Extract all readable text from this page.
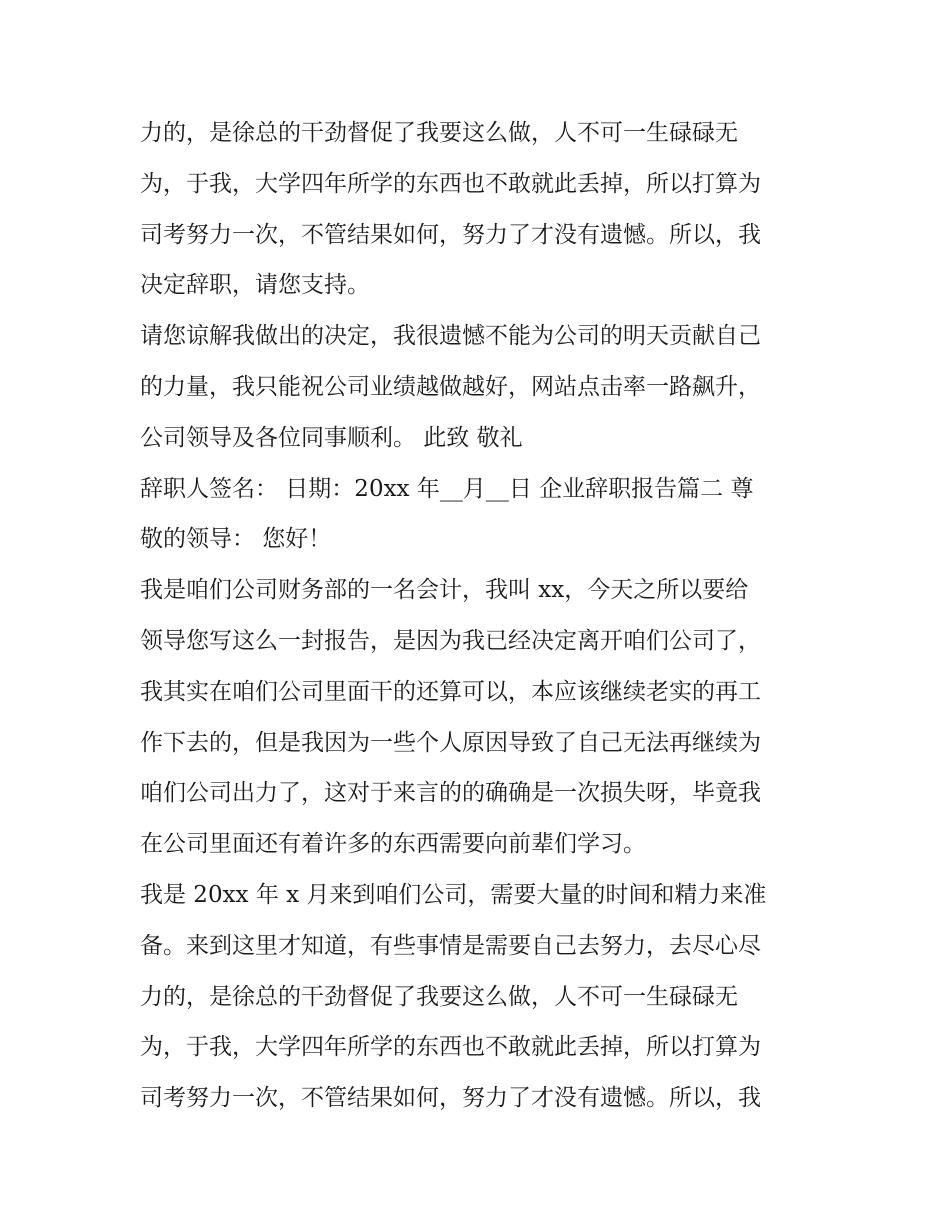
力的，是徐总的干劲督促了我要这么做，人不可一生碌碌无
为，于我，大学四年所学的东西也不敢就此丢掉，所以打算为
司考努力一次，不管结果如何，努力了才没有遗憾。所以，我
决定辞职，请您支持。
请您谅解我做出的决定，我很遗憾不能为公司的明天贡献自己
的力量，我只能祝公司业绩越做越好，网站点击率一路飙升，
公司领导及各位同事顺利。 此致 敬礼
辞职人签名： 日期：20xx 年__月__日 企业辞职报告篇二 尊
敬的领导： 您好！
我是咱们公司财务部的一名会计，我叫 xx，今天之所以要给
领导您写这么一封报告，是因为我已经决定离开咱们公司了，
我其实在咱们公司里面干的还算可以，本应该继续老实的再工
作下去的，但是我因为一些个人原因导致了自己无法再继续为
咱们公司出力了，这对于来言的的确确是一次损失呀，毕竟我
在公司里面还有着许多的东西需要向前辈们学习。
我是 20xx 年 x 月来到咱们公司，需要大量的时间和精力来准
备。来到这里才知道，有些事情是需要自己去努力，去尽心尽
力的，是徐总的干劲督促了我要这么做，人不可一生碌碌无
为，于我，大学四年所学的东西也不敢就此丢掉，所以打算为
司考努力一次，不管结果如何，努力了才没有遗憾。所以，我
